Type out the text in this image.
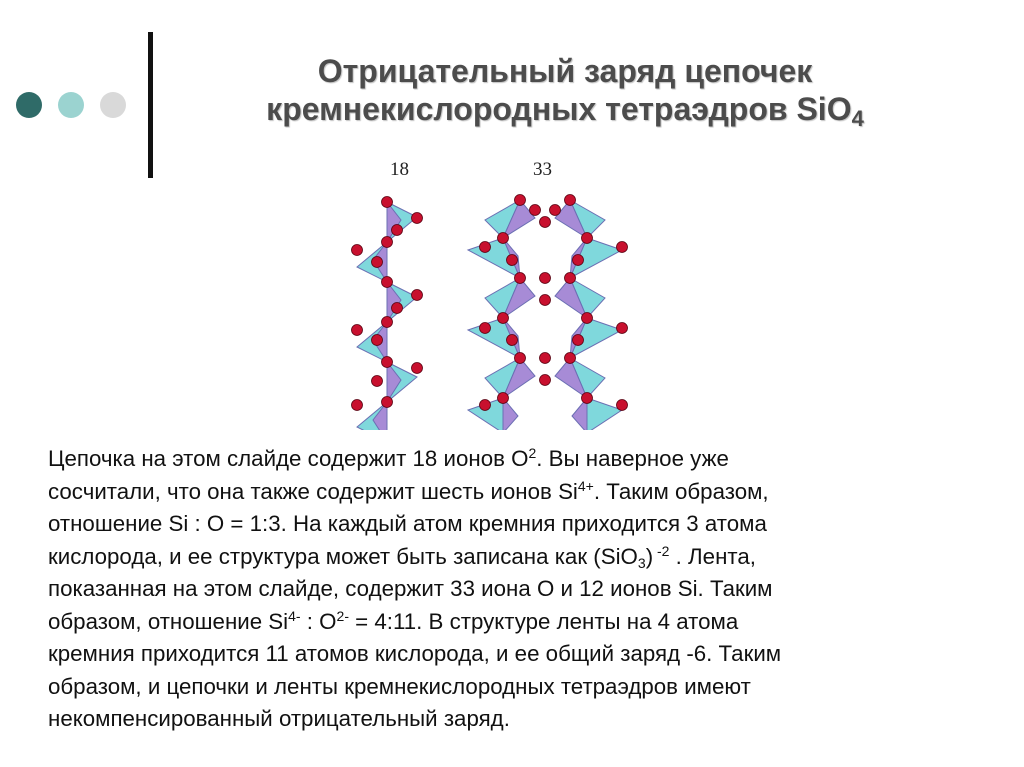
Отрицательный заряд цепочек
кремнекислородных тетраэдров SiO$_4$
18	33
Цепочка на этом слайде содержит 18 ионов $O^2$. Вы наверное уже
сосчитали, что она также содержит шесть ионов $Si^{4+}$. Таким образом,
отношение Si : O = 1:3. На каждый атом кремния приходится 3 атома
кислорода, и ее структура может быть записана как (SiO$_3$) $^{-2}$ . Лента,
показанная на этом слайде, содержит 33 иона O и 12 ионов Si. Таким
образом, отношение $Si^{4-}$ : $O^{2-}$ = 4:11. В структуре ленты на 4 атома
кремния приходится 11 атомов кислорода, и ее общий заряд -6. Таким
образом, и цепочки и ленты кремнекислородных тетраэдров имеют
некомпенсированный отрицательный заряд.
